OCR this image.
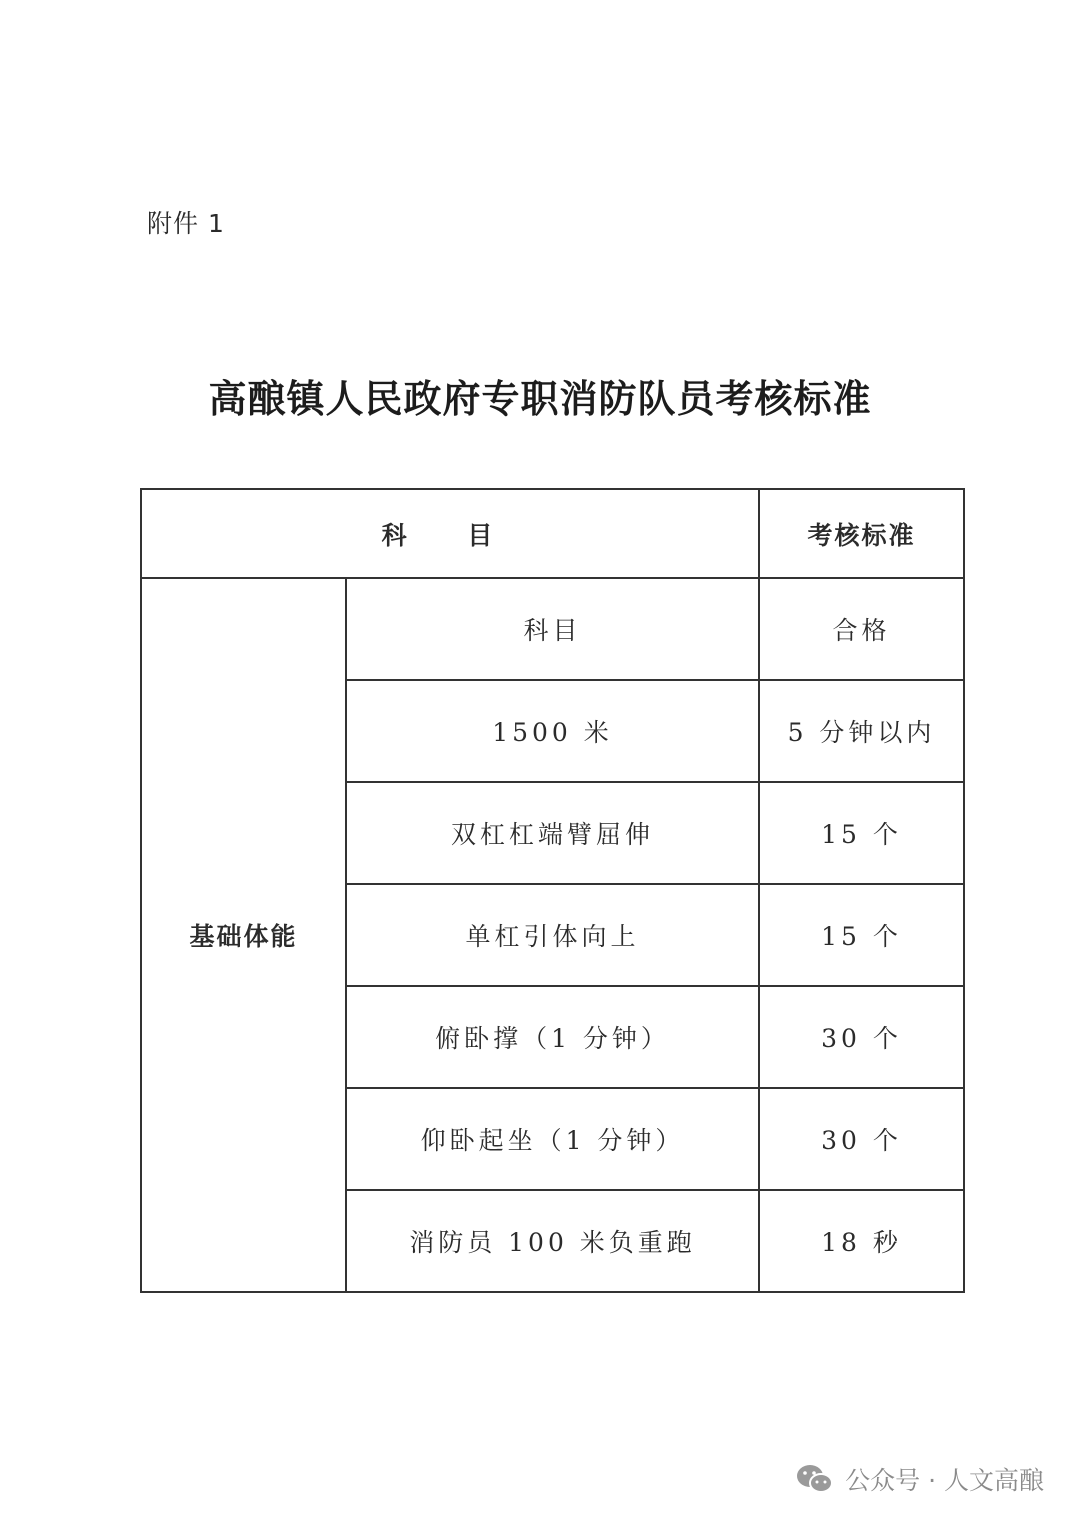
附件 1
高酿镇人民政府专职消防队员考核标准
科 目		考核标准
基础体能	科目	合格
	1500 米	5 分钟以内
	双杠杠端臂屈伸	15 个
	单杠引体向上	15 个
	俯卧撑（1 分钟）	30 个
	仰卧起坐（1 分钟）	30 个
	消防员 100 米负重跑	18 秒
公众号 · 人文高酿
